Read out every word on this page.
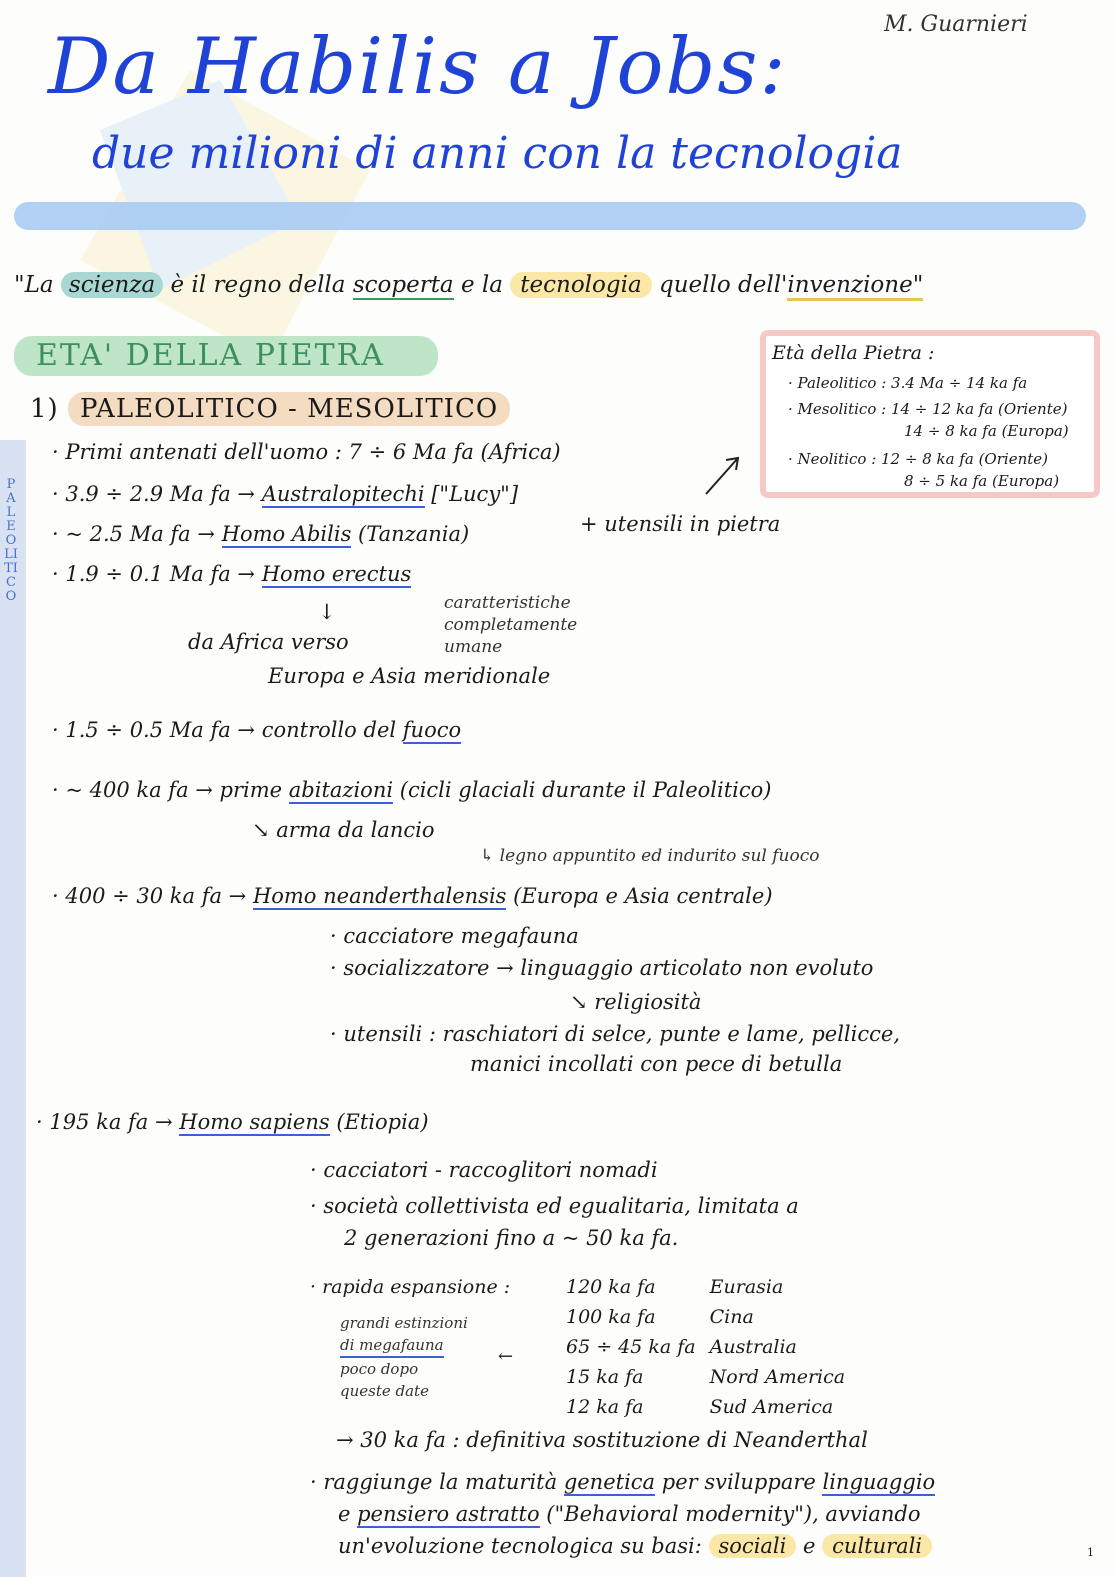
M. Guarnieri
Da Habilis a Jobs:
due milioni di anni con la tecnologia
"La scienza è il regno della scoperta e la tecnologia quello dell'invenzione"
ETA' DELLA PIETRA
1) PALEOLITICO - MESOLITICO
Età della Pietra :
· Paleolitico : 3.4 Ma ÷ 14 ka fa
· Mesolitico : 14 ÷ 12 ka fa (Oriente)
14 ÷ 8 ka fa (Europa)
· Neolitico : 12 ÷ 8 ka fa (Oriente)
8 ÷ 5 ka fa (Europa)
PALEOLITICO
· Primi antenati dell'uomo : 7 ÷ 6 Ma fa (Africa)
· 3.9 ÷ 2.9 Ma fa → Australopitechi ["Lucy"]
· ~ 2.5 Ma fa → Homo Abilis (Tanzania)	+ utensili in pietra
· 1.9 ÷ 0.1 Ma fa → Homo erectus
caratteristiche completamente umane
↓
da Africa verso
Europa e Asia meridionale
· 1.5 ÷ 0.5 Ma fa → controllo del fuoco
· ~ 400 ka fa → prime abitazioni (cicli glaciali durante il Paleolitico)
↘ arma da lancio
↳ legno appuntito ed indurito sul fuoco
· 400 ÷ 30 ka fa → Homo neanderthalensis (Europa e Asia centrale)
· cacciatore megafauna
· socializzatore → linguaggio articolato non evoluto
↘ religiosità
· utensili : raschiatori di selce, punte e lame, pellicce,
manici incollati con pece di betulla
· 195 ka fa → Homo sapiens (Etiopia)
· cacciatori - raccoglitori nomadi
· società collettivista ed egualitaria, limitata a
2 generazioni fino a ~ 50 ka fa.
· rapida espansione :
grandi estinzioni
di megafauna
poco dopo
queste date
←
120 ka fa	Eurasia
100 ka fa	Cina
65 ÷ 45 ka fa	Australia
15 ka fa	Nord America
12 ka fa	Sud America
→ 30 ka fa : definitiva sostituzione di Neanderthal
· raggiunge la maturità genetica per sviluppare linguaggio
e pensiero astratto ("Behavioral modernity"), avviando
un'evoluzione tecnologica su basi: sociali e culturali	1
